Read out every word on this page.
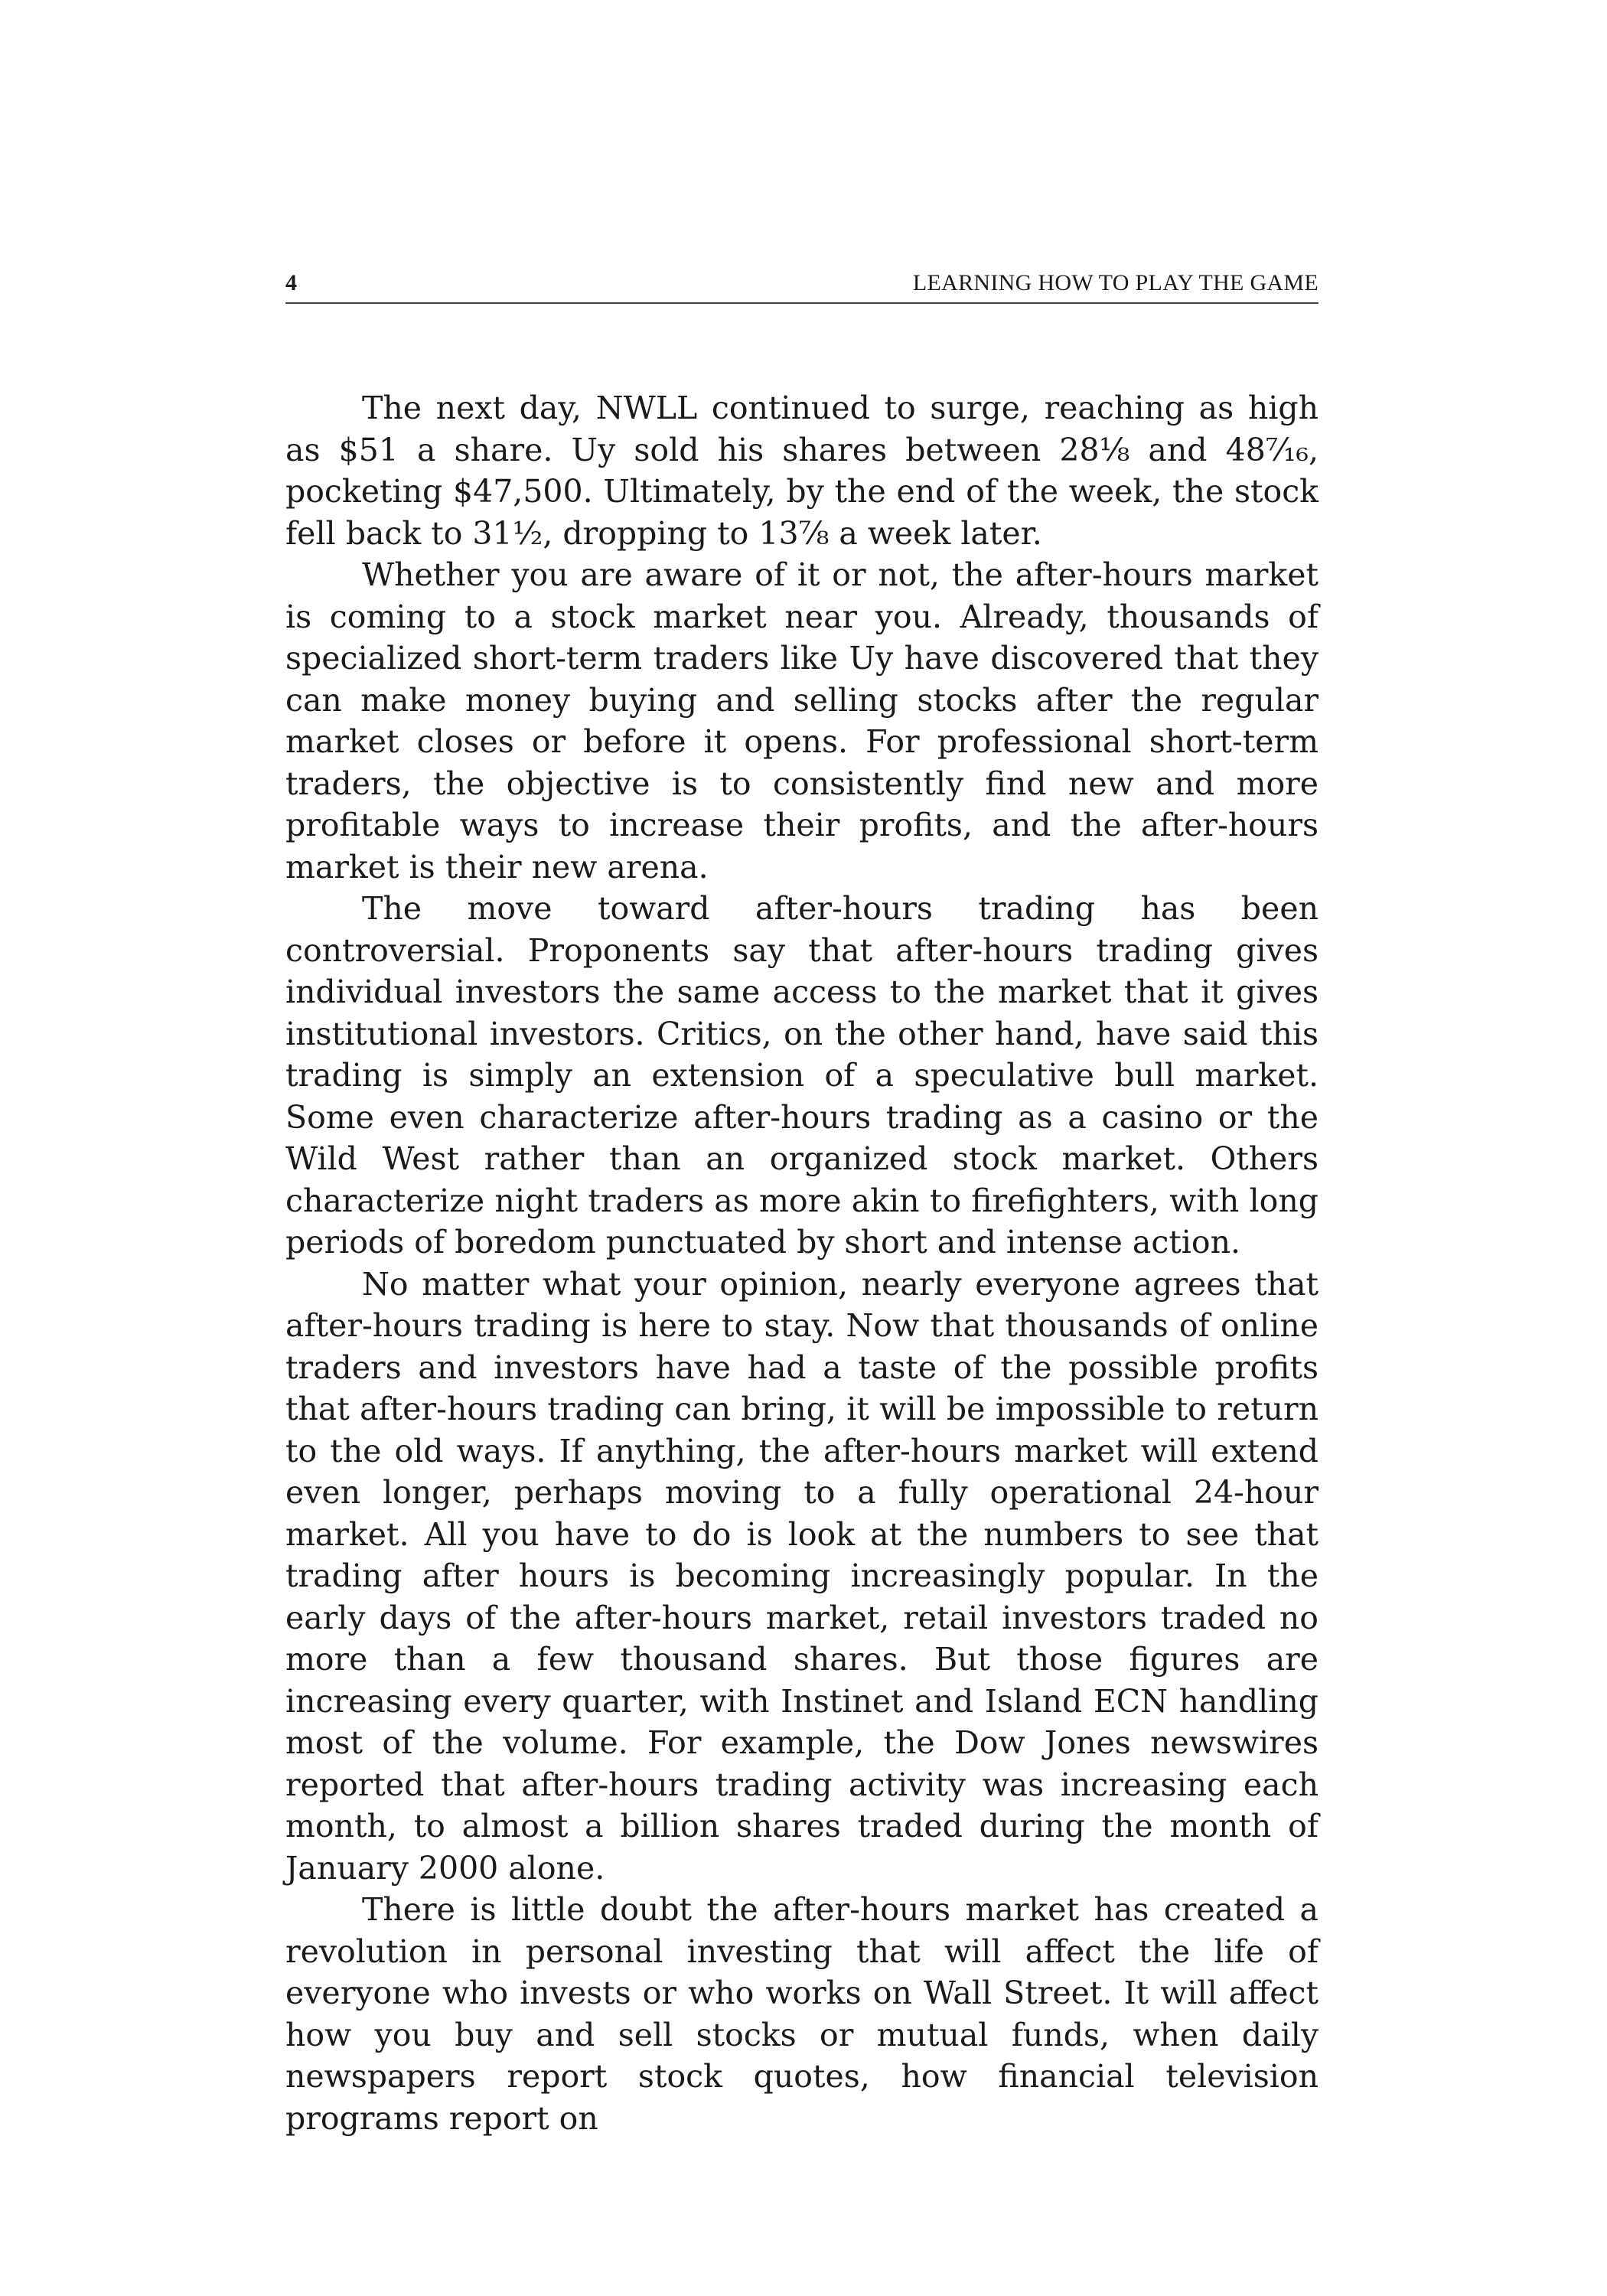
4	LEARNING HOW TO PLAY THE GAME

The next day, NWLL continued to surge, reaching as high as $51 a share. Uy sold his shares between 28⅛ and 48⁷⁄₁₆, pocketing $47,500. Ultimately, by the end of the week, the stock fell back to 31½, dropping to 13⅞ a week later.

Whether you are aware of it or not, the after-hours market is coming to a stock market near you. Already, thousands of specialized short-term traders like Uy have discovered that they can make money buying and selling stocks after the regular market closes or before it opens. For professional short-term traders, the objective is to consistently find new and more profitable ways to increase their profits, and the after-hours market is their new arena.

The move toward after-hours trading has been controversial. Proponents say that after-hours trading gives individual investors the same access to the market that it gives institutional investors. Critics, on the other hand, have said this trading is simply an extension of a speculative bull market. Some even characterize after-hours trading as a casino or the Wild West rather than an organized stock market. Others characterize night traders as more akin to firefighters, with long periods of boredom punctuated by short and intense action.

No matter what your opinion, nearly everyone agrees that after-hours trading is here to stay. Now that thousands of online traders and investors have had a taste of the possible profits that after-hours trading can bring, it will be impossible to return to the old ways. If anything, the after-hours market will extend even longer, perhaps moving to a fully operational 24-hour market. All you have to do is look at the numbers to see that trading after hours is becoming increasingly popular. In the early days of the after-hours market, retail investors traded no more than a few thousand shares. But those figures are increasing every quarter, with Instinet and Island ECN handling most of the volume. For example, the Dow Jones newswires reported that after-hours trading activity was increasing each month, to almost a billion shares traded during the month of January 2000 alone.

There is little doubt the after-hours market has created a revolution in personal investing that will affect the life of everyone who invests or who works on Wall Street. It will affect how you buy and sell stocks or mutual funds, when daily newspapers report stock quotes, how financial television programs report on
